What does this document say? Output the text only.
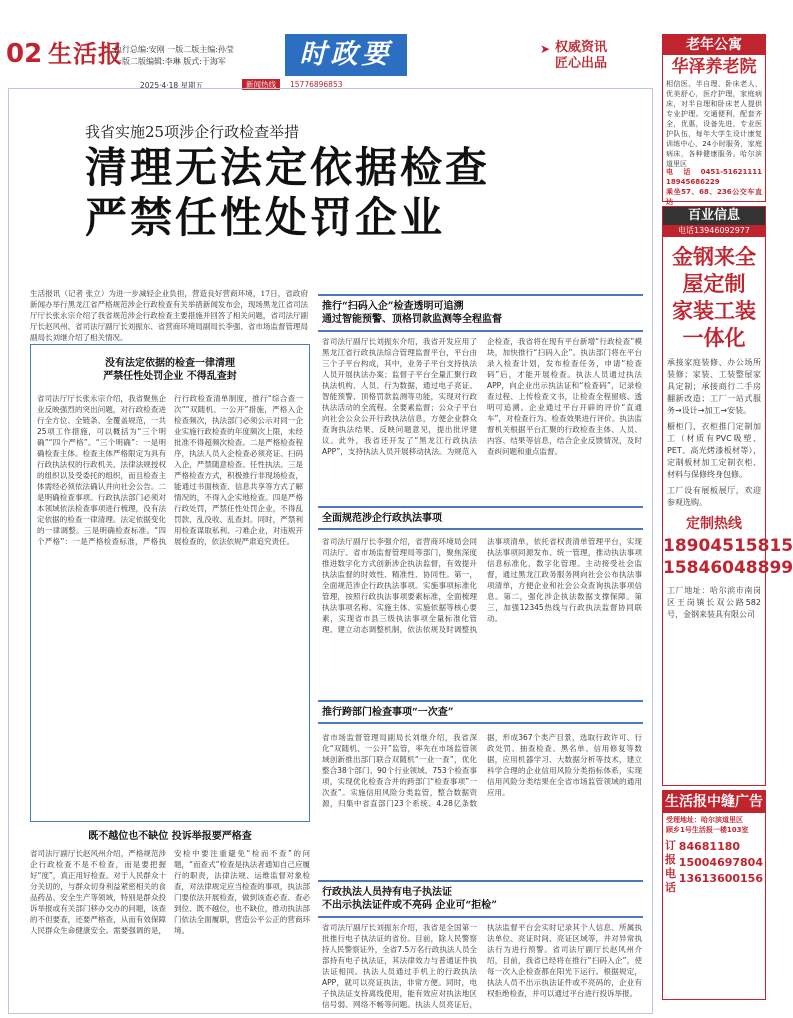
02 生活报
执行总编:安刚 一版二版主编:孙莹
一版二版编辑:李琳 版式:于海军	时政要闻
➤ 权威资讯
匠心出品
2025·4·18 星期五	新闻热线	15776896853
我省实施25项涉企行政检查举措
清理无法定依据检查
严禁任性处罚企业
生活报讯（记者 张立）为进一步减轻企业负担，营造良好营商环境，17日，省政府新闻办举行黑龙江省严格规范涉企行政检查有关举措新闻发布会，现场黑龙江省司法厅厅长张永宗介绍了我省规范涉企行政检查主要措施并回答了相关问题，省司法厅副厅长赵风州、省司法厅副厅长刘振东、省营商环境局副局长李强、省市场监督管理局副局长刘继介绍了相关情况。
没有法定依据的检查一律清理
严禁任性处罚企业 不得乱查封
省司法厅厅长张永宗介绍，我省聚焦企业反映强烈的突出问题，对行政检查进行全方位、全链条、全覆盖规范，一共25项工作措施，可以概括为“三个明确”“四个严格”。“三个明确”：一是明确检查主体。检查主体严格限定为具有行政执法权的行政机关、法律法规授权的组织以及受委托的组织，而且检查主体需经必须依法确认并向社会公告。二是明确检查事项。行政执法部门必须对本领域依法检查事项进行梳理，没有法定依据的检查一律清理。法定依据变化的一律调整。三是明确检查标准。“四个严格”：一是严格检查标准，严格执行行政检查清单制度，推行“综合查一次”“双随机、一公开”措施，严格入企检查频次，执法部门必须公示对同一企业实施行政检查的年度频次上限，未经批准不得超频次检查。二是严格检查程序，执法人员入企检查必须亮证、扫码入企，严禁随意检查、任性执法。三是严格检查方式，积极推行非现场检查，能通过书面核查、信息共享等方式了解情况的，不得入企实地检查。四是严格行政处罚，严禁任性处罚企业，不得乱罚款、乱没收、乱查封。同时，严禁利用检查谋取私利、刁难企业，对违规开展检查的，依法依规严肃追究责任。
既不越位也不缺位 投诉举报要严格查
省司法厅副厅长赵风州介绍，严格规范涉企行政检查不是不检查，而是要把握好“度”，真正用好检查。对于人民群众十分关切的，与群众切身利益紧密相关的食品药品、安全生产等领域，特别是群众投诉举报或有关部门移办交办的问题，该查的不但要查，还要严格查，从而有效保障人民群众生命健康安全。需要强调的是，安检中要注重避免“检而不查”的问题，“而查式”检查是执法者通知自己应履行的职责，法律法规、运维监督对象检查，对法律规定应当检查的事项，执法部门要依法开展检查，做到该查必查、查必到位、既不越位，也不缺位，推动执法部门依法全面履职，营造公平公正的营商环境。
推行“扫码入企”检查透明可追溯
通过智能预警、顶格罚款监测等全程监督
省司法厅副厅长刘振东介绍，我省开发应用了黑龙江省行政执法综合管理监督平台，平台由三个子平台构成，其中，业务子平台支持执法人员开展执法办案；监督子平台全量汇聚行政执法机构、人员、行为数据，通过电子亮证、智能预警、顶格罚款监测等功能，实现对行政执法活动的全流程、全要素监督；公众子平台向社会公众公开行政执法信息，方便企业群众查询执法结果、反映问题意见，提出批评建议。此外，我省还开发了“黑龙江行政执法APP”，支持执法人员开展移动执法。为规范入企检查，我省将在现有平台新增“行政检查”模块，加快推行“扫码入企”。执法部门将在平台录入检查计划，发布检查任务，申请“检查码”后，才能开展检查。执法人员通过执法APP，向企业出示执法证和“检查码”，记录检查过程、上传检查文书，让检查全程留痕、透明可追溯。企业通过平台开辟的评价“直通车”，对检查行为、检查效果进行评价。执法监督机关根据平台汇聚的行政检查主体、人员、内容、结果等信息，结合企业反馈情况，及时查纠问题和重点监督。
全面规范涉企行政执法事项
省司法厅副厅长李强介绍，省营商环境局会同司法厅、省市场监督管理局等部门，聚焦深度推进数字化方式创新涉企执法监督，有效提升执法监督的时效性、精准性、协同性。第一，全面规范涉企行政执法事项。实施事项标准化管理，按照行政执法事项要素标准，全面梳理执法事项名称、实施主体、实施依据等核心要素，实现省市县三级执法事项全量标准化管理。建立动态调整机制，依法依规及时调整执法事项清单，依托省权责清单管理平台，实现执法事项同源发布、统一管理，推动执法事项信息标准化、数字化管理。主动接受社会监督，通过黑龙江政务服务网向社会公布执法事项清单，方便企业和社会公众查询执法事项信息。第二，强化涉企执法数据支撑保障。第三，加强12345热线与行政执法监督协同联动。
推行跨部门检查事项“一次查”
省市场监督管理局副局长刘继介绍，我省深化“双随机、一公开”监管，率先在市场监管领域创新推出部门联合双随机“一业一查”，优化整合38个部门、90个行业领域、753个检查事项，实现优化检查合并的跨部门“检查事项”一次查”。实施信用风险分类监管，整合数据资源，归集中省直部门23个系统、4.28亿条数据，形成367个类产目景，选取行政许可、行政处罚、抽查检查、黑名单、信用修复等数据，应用机器学习、大数据分析等技术，建立科学合理的企业信用风险分类指标体系，实现信用风险分类结果在全省市场监管领域的通用应用。
行政执法人员持有电子执法证
不出示执法证件或不亮码 企业可“拒检”
省司法厅副厅长刘振东介绍，我省是全国第一批推行电子执法证的省份。目前，除人民警察持人民警察证外，全省7.5万名行政执法人员全部持有电子执法证，其法律效力与普通证件执法证相同。执法人员通过手机上的行政执法APP，就可以亮证执法，非常方便。同时，电子执法证支持离线使用，能有效应对执法地区信号弱、网络不畅等问题。执法人员亮证后，执法监督平台会实时记录其个人信息、所属执法单位、亮证时间、亮证区域等，并对异常执法行为进行预警。省司法厅副厅长赵风州介绍，目前，我省已经将在推行“扫码入企”，使每一次入企检查都在阳光下运行。根据规定，执法人员不出示执法证件或不亮码的，企业有权拒绝检查，并可以通过平台进行投诉举报。
老年公寓
华泽养老院
相信医、半自理、卧床老人，优美舒心，医疗护理，家庭病床，对半自理和卧床老人提供专业护理。交通便利，配套齐全，优惠，设备先进，专业医护队伍，每年大学生设计康复训练中心，24小时服务，家庭病床，各种健康服务。哈尔滨道里区
电话0451-51621111 18945686229
乘坐57、68、236公交车直达
百业信息
电话13946092977
金钢来全屋定制
家装工装一体化
承接家庭装修、办公场所装修；家装、工装整屋家具定制；承接商行二手房翻新改造；工厂一站式服务→设计→加工→安装。
橱柜门、衣柜推门定制加工（材质有PVC吸塑、PET、高光烤漆板材等），定制板材加工定制衣柜、材料与保修终身包修。
工厂设有展板展厅，欢迎参观选购。
定制热线
18904515815
15846048899
工厂地址：哈尔滨市南岗区王岗镇长双公路582号，金钢来装具有限公司
生活报中缝广告
受理地址：哈尔滨道里区
顾乡1号生活报一楼103室
订报
电话
84681180
15004697804
13613600156
